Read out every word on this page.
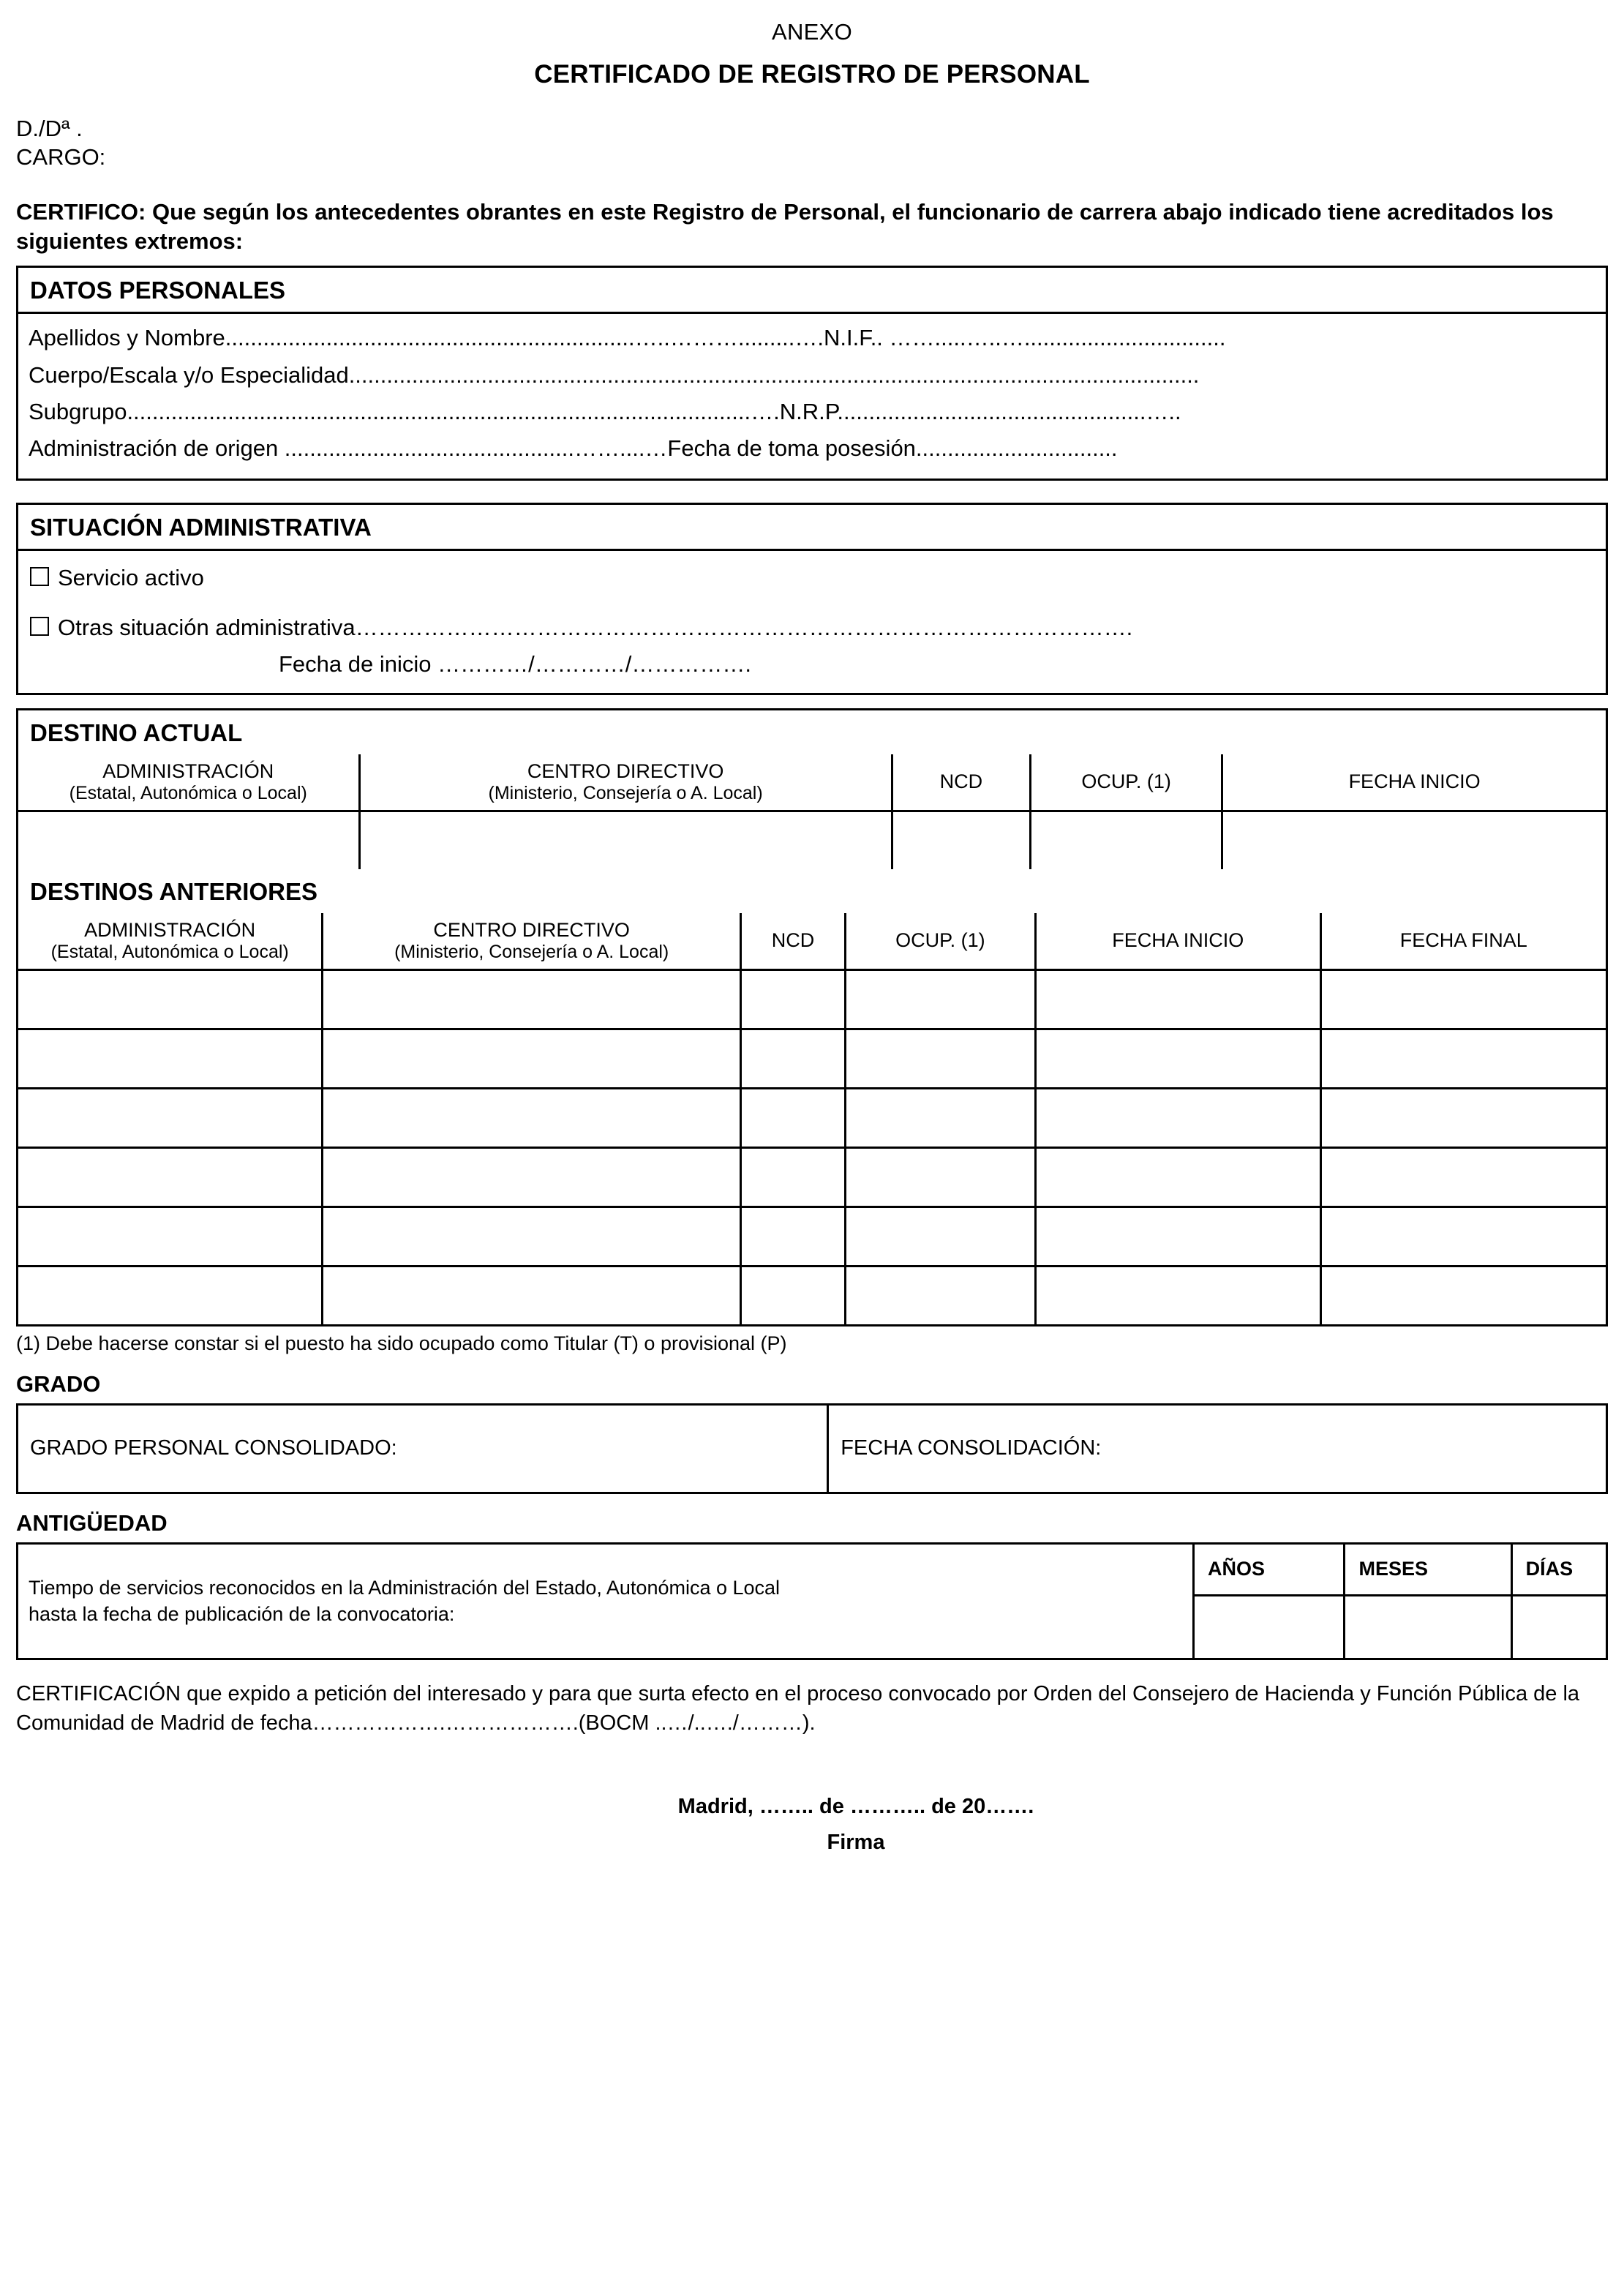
ANEXO
CERTIFICADO DE REGISTRO DE PERSONAL
D./Dª .
CARGO:
CERTIFICO: Que según los antecedentes obrantes en este Registro de Personal, el funcionario de carrera abajo indicado tiene acreditados los siguientes extremos:
DATOS PERSONALES
Apellidos y Nombre.................................................................…..……….........….N.I.F.. …….....…..…................................
Cuerpo/Escala y/o Especialidad.......................................................................................................................................
Subgrupo...................................................................................................….N.R.P.................................................…..
Administración de origen ..............................................……....…Fecha de toma posesión................................
SITUACIÓN ADMINISTRATIVA
Servicio activo
Otras situación administrativa………………………………………………………………………………………….
Fecha de inicio …………/…………/…………….
DESTINO ACTUAL
ADMINISTRACIÓN
(Estatal, Autonómica o Local)	CENTRO DIRECTIVO
(Ministerio, Consejería o A. Local)	NCD	OCUP. (1)	FECHA INICIO

DESTINOS ANTERIORES
ADMINISTRACIÓN
(Estatal, Autonómica o Local)	CENTRO DIRECTIVO
(Ministerio, Consejería o A. Local)	NCD	OCUP. (1)	FECHA INICIO	FECHA FINAL

(1) Debe hacerse constar si el puesto ha sido ocupado como Titular (T) o provisional (P)
GRADO
GRADO PERSONAL CONSOLIDADO:	FECHA CONSOLIDACIÓN:
ANTIGÜEDAD
Tiempo de servicios reconocidos en la Administración del Estado, Autonómica o Local
hasta la fecha de publicación de la convocatoria:	AÑOS	MESES	DÍAS

CERTIFICACIÓN que expido a petición del interesado y para que surta efecto en el proceso convocado por Orden del Consejero de Hacienda y Función Pública de la Comunidad de Madrid de fecha……………….……………….(BOCM ..…/..…./………).
Madrid, …….. de ……….. de 20…….
Firma
